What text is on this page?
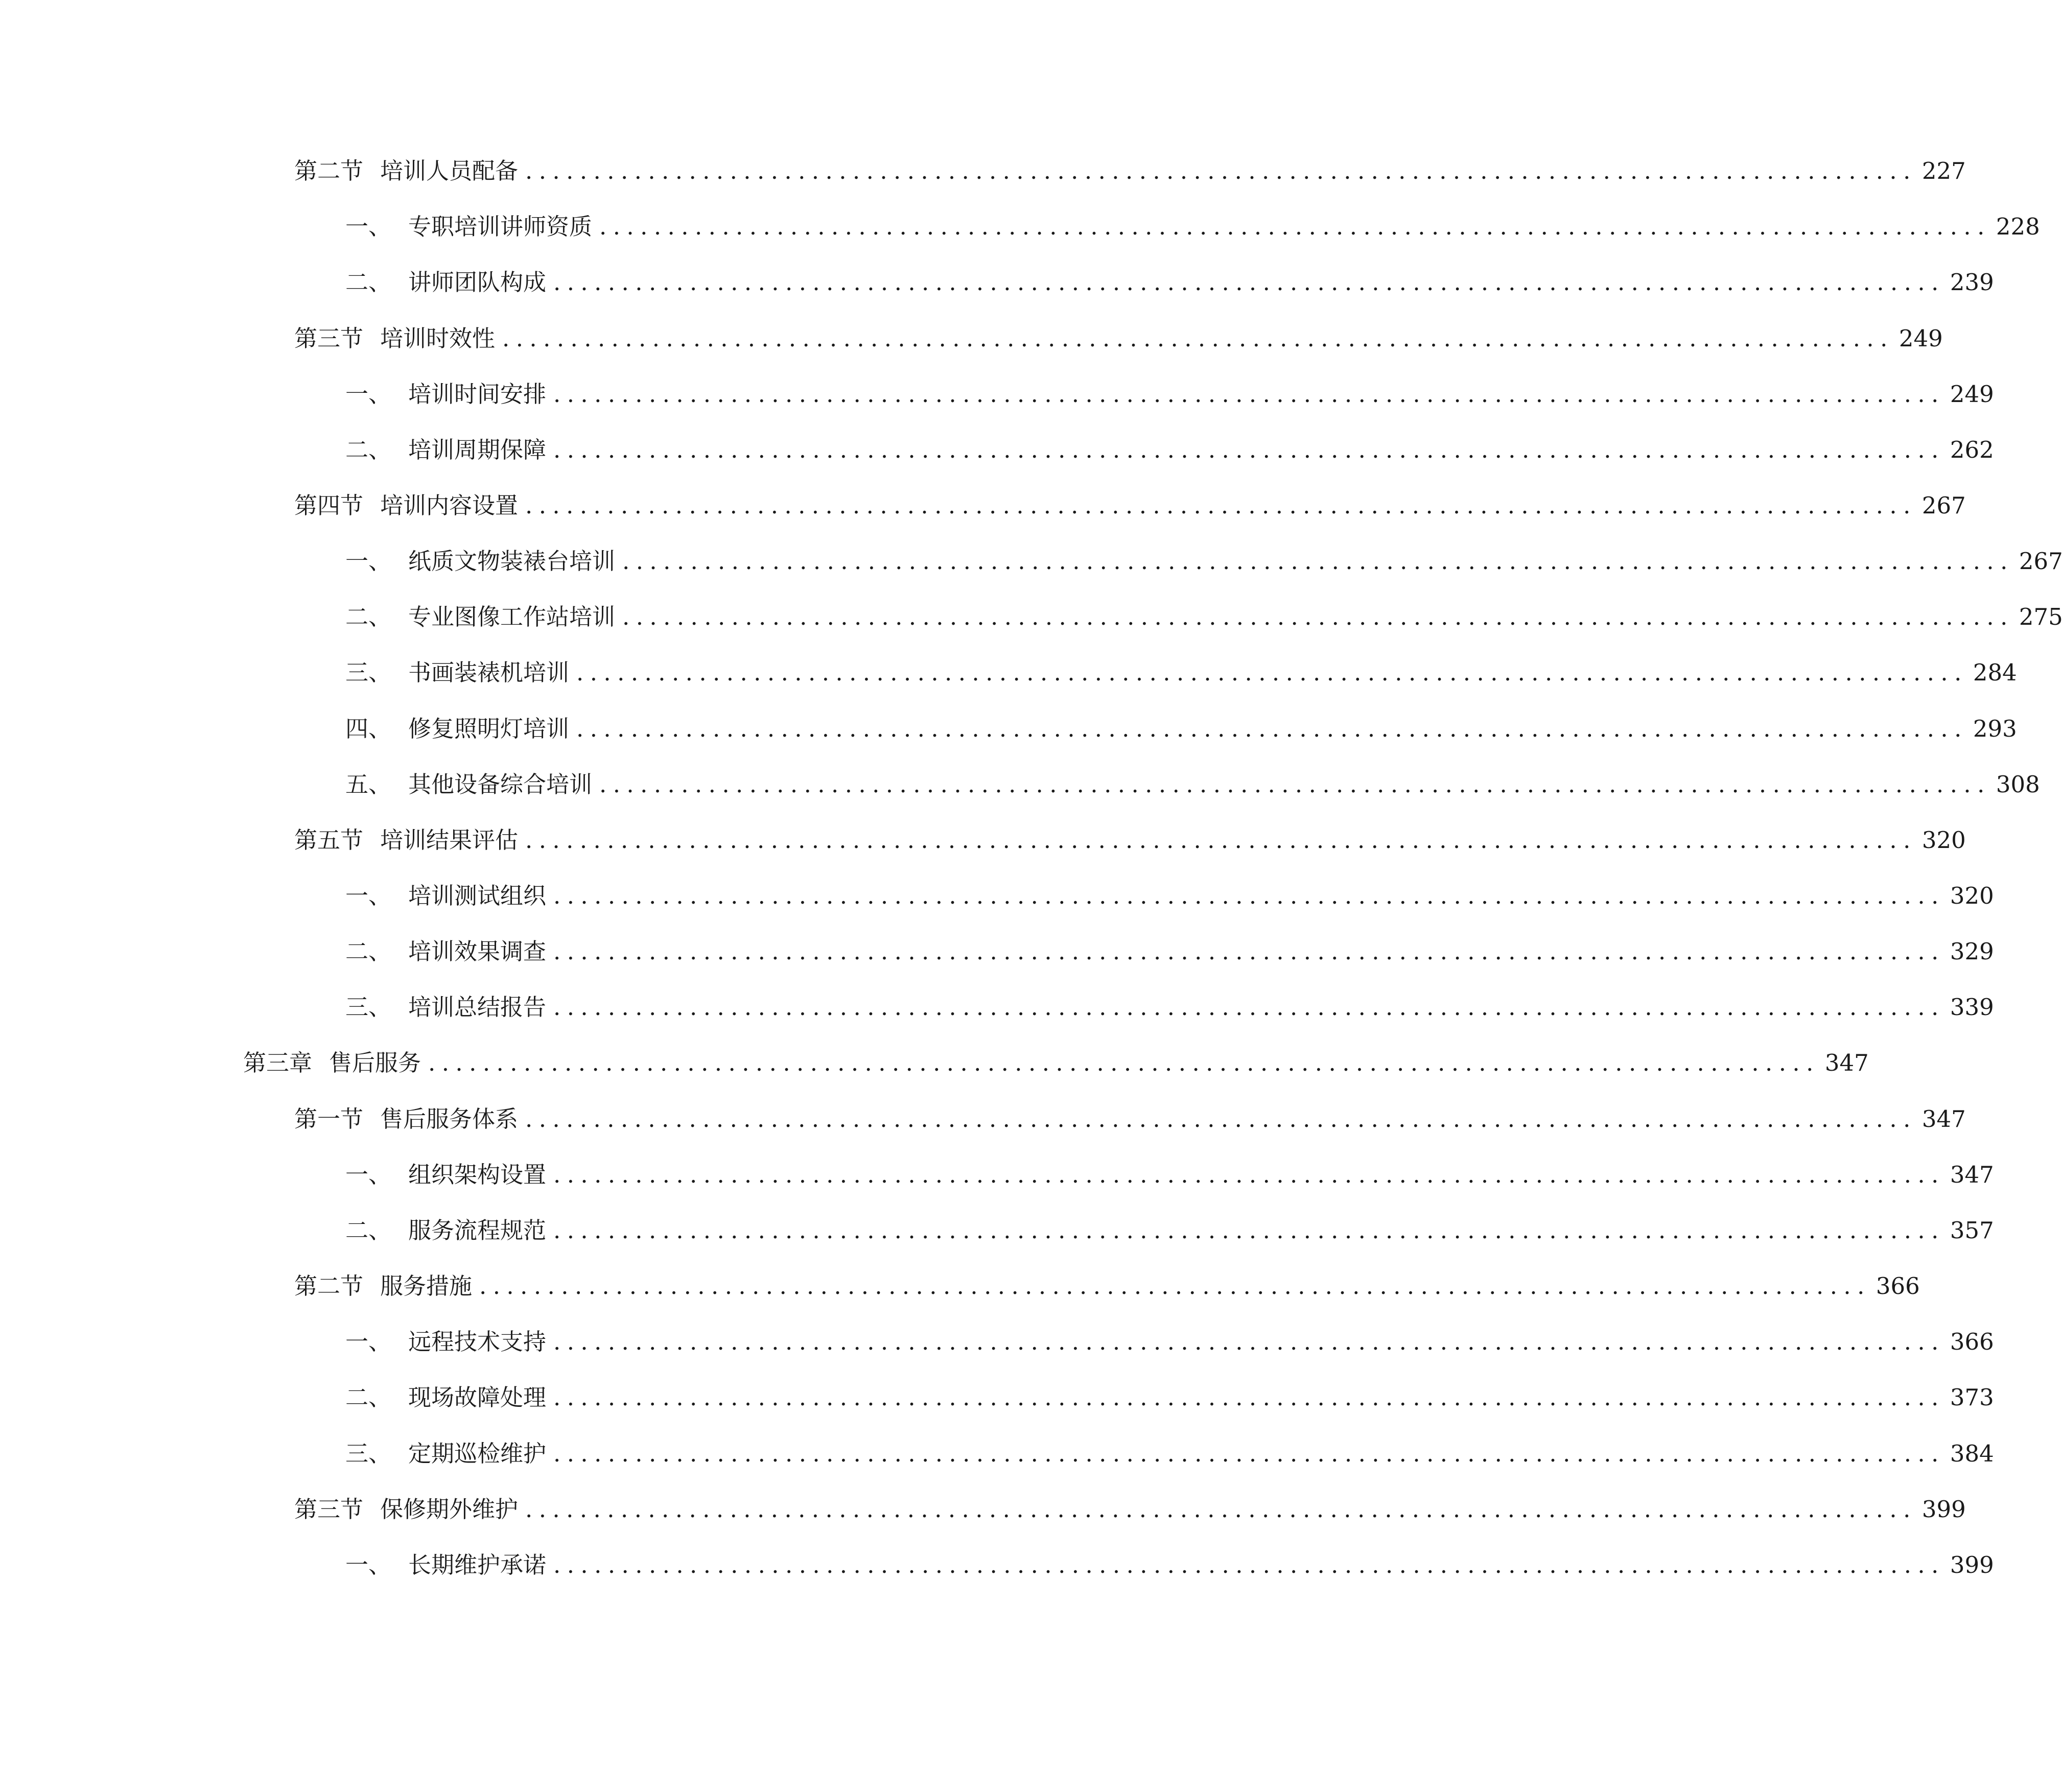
第二节 培训人员配备 ...................................................................................................... 227
一、 专职培训讲师资质 ...................................................................................................... 228
二、 讲师团队构成 ...................................................................................................... 239
第三节 培训时效性 ...................................................................................................... 249
一、 培训时间安排 ...................................................................................................... 249
二、 培训周期保障 ...................................................................................................... 262
第四节 培训内容设置 ...................................................................................................... 267
一、 纸质文物装裱台培训 ...................................................................................................... 267
二、 专业图像工作站培训 ...................................................................................................... 275
三、 书画装裱机培训 ...................................................................................................... 284
四、 修复照明灯培训 ...................................................................................................... 293
五、 其他设备综合培训 ...................................................................................................... 308
第五节 培训结果评估 ...................................................................................................... 320
一、 培训测试组织 ...................................................................................................... 320
二、 培训效果调查 ...................................................................................................... 329
三、 培训总结报告 ...................................................................................................... 339
第三章 售后服务 ...................................................................................................... 347
第一节 售后服务体系 ...................................................................................................... 347
一、 组织架构设置 ...................................................................................................... 347
二、 服务流程规范 ...................................................................................................... 357
第二节 服务措施 ...................................................................................................... 366
一、 远程技术支持 ...................................................................................................... 366
二、 现场故障处理 ...................................................................................................... 373
三、 定期巡检维护 ...................................................................................................... 384
第三节 保修期外维护 ...................................................................................................... 399
一、 长期维护承诺 ...................................................................................................... 399
